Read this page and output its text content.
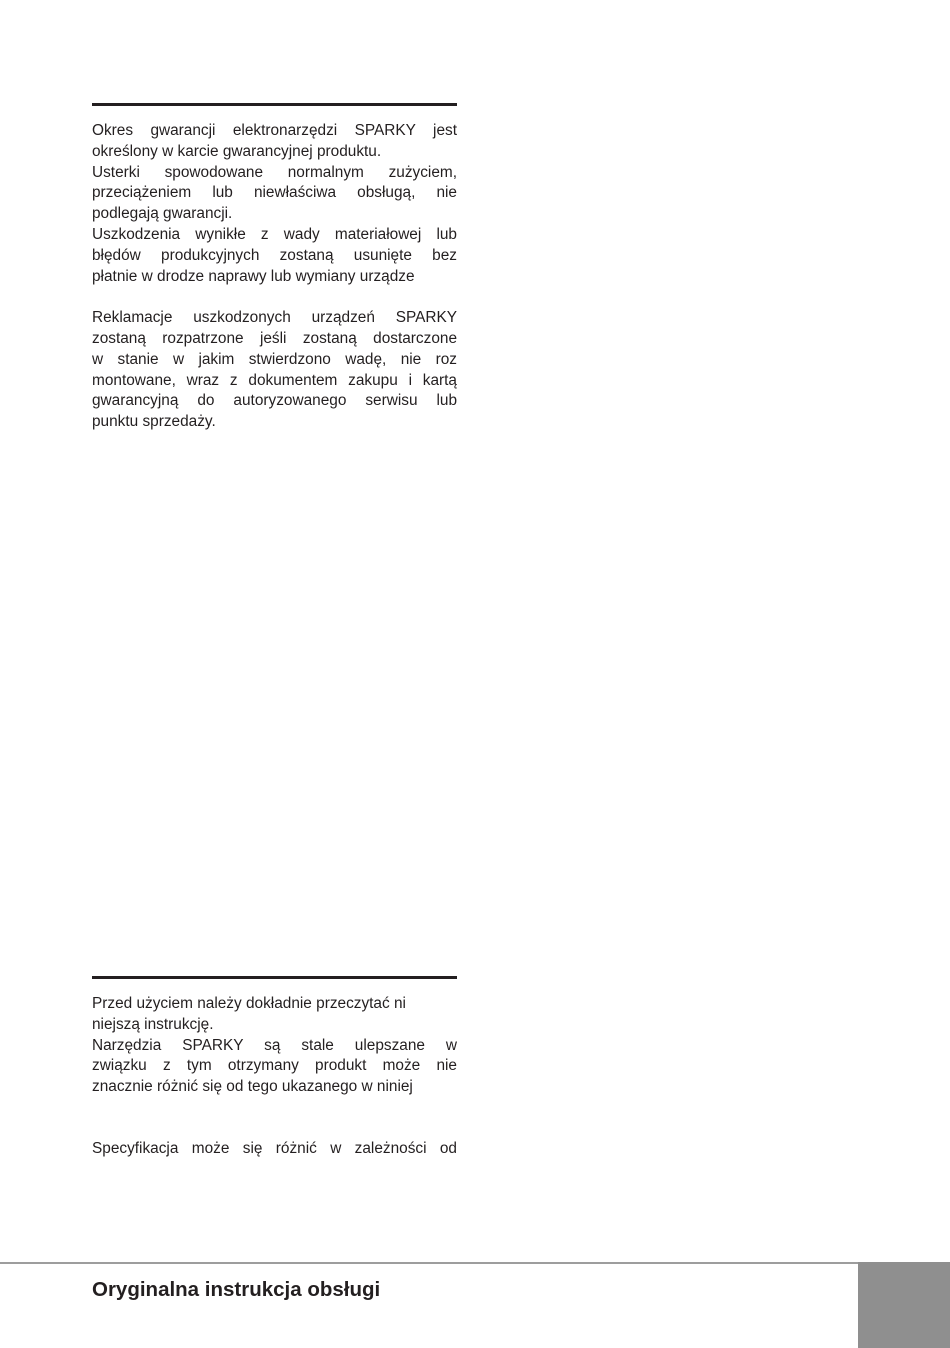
Okres gwarancji elektronarzędzi SPARKY jest
określony w karcie gwarancyjnej produktu.
Usterki spowodowane normalnym zużyciem,
przeciążeniem lub niewłaściwa obsługą, nie
podlegają gwarancji.
Uszkodzenia wynikłe z wady materiałowej lub
błędów produkcyjnych zostaną usunięte bez
płatnie w drodze naprawy lub wymiany urządze
Reklamacje uszkodzonych urządzeń SPARKY
zostaną rozpatrzone jeśli zostaną dostarczone
w stanie w jakim stwierdzono wadę, nie roz
montowane, wraz z dokumentem zakupu i kartą
gwarancyjną do autoryzowanego serwisu lub
punktu sprzedaży.
Przed użyciem należy dokładnie przeczytać ni
niejszą instrukcję.
Narzędzia SPARKY są stale ulepszane w
związku z tym otrzymany produkt może nie
znacznie różnić się od tego ukazanego w niniej
Specyfikacja może się różnić w zależności od
Oryginalna instrukcja obsługi
